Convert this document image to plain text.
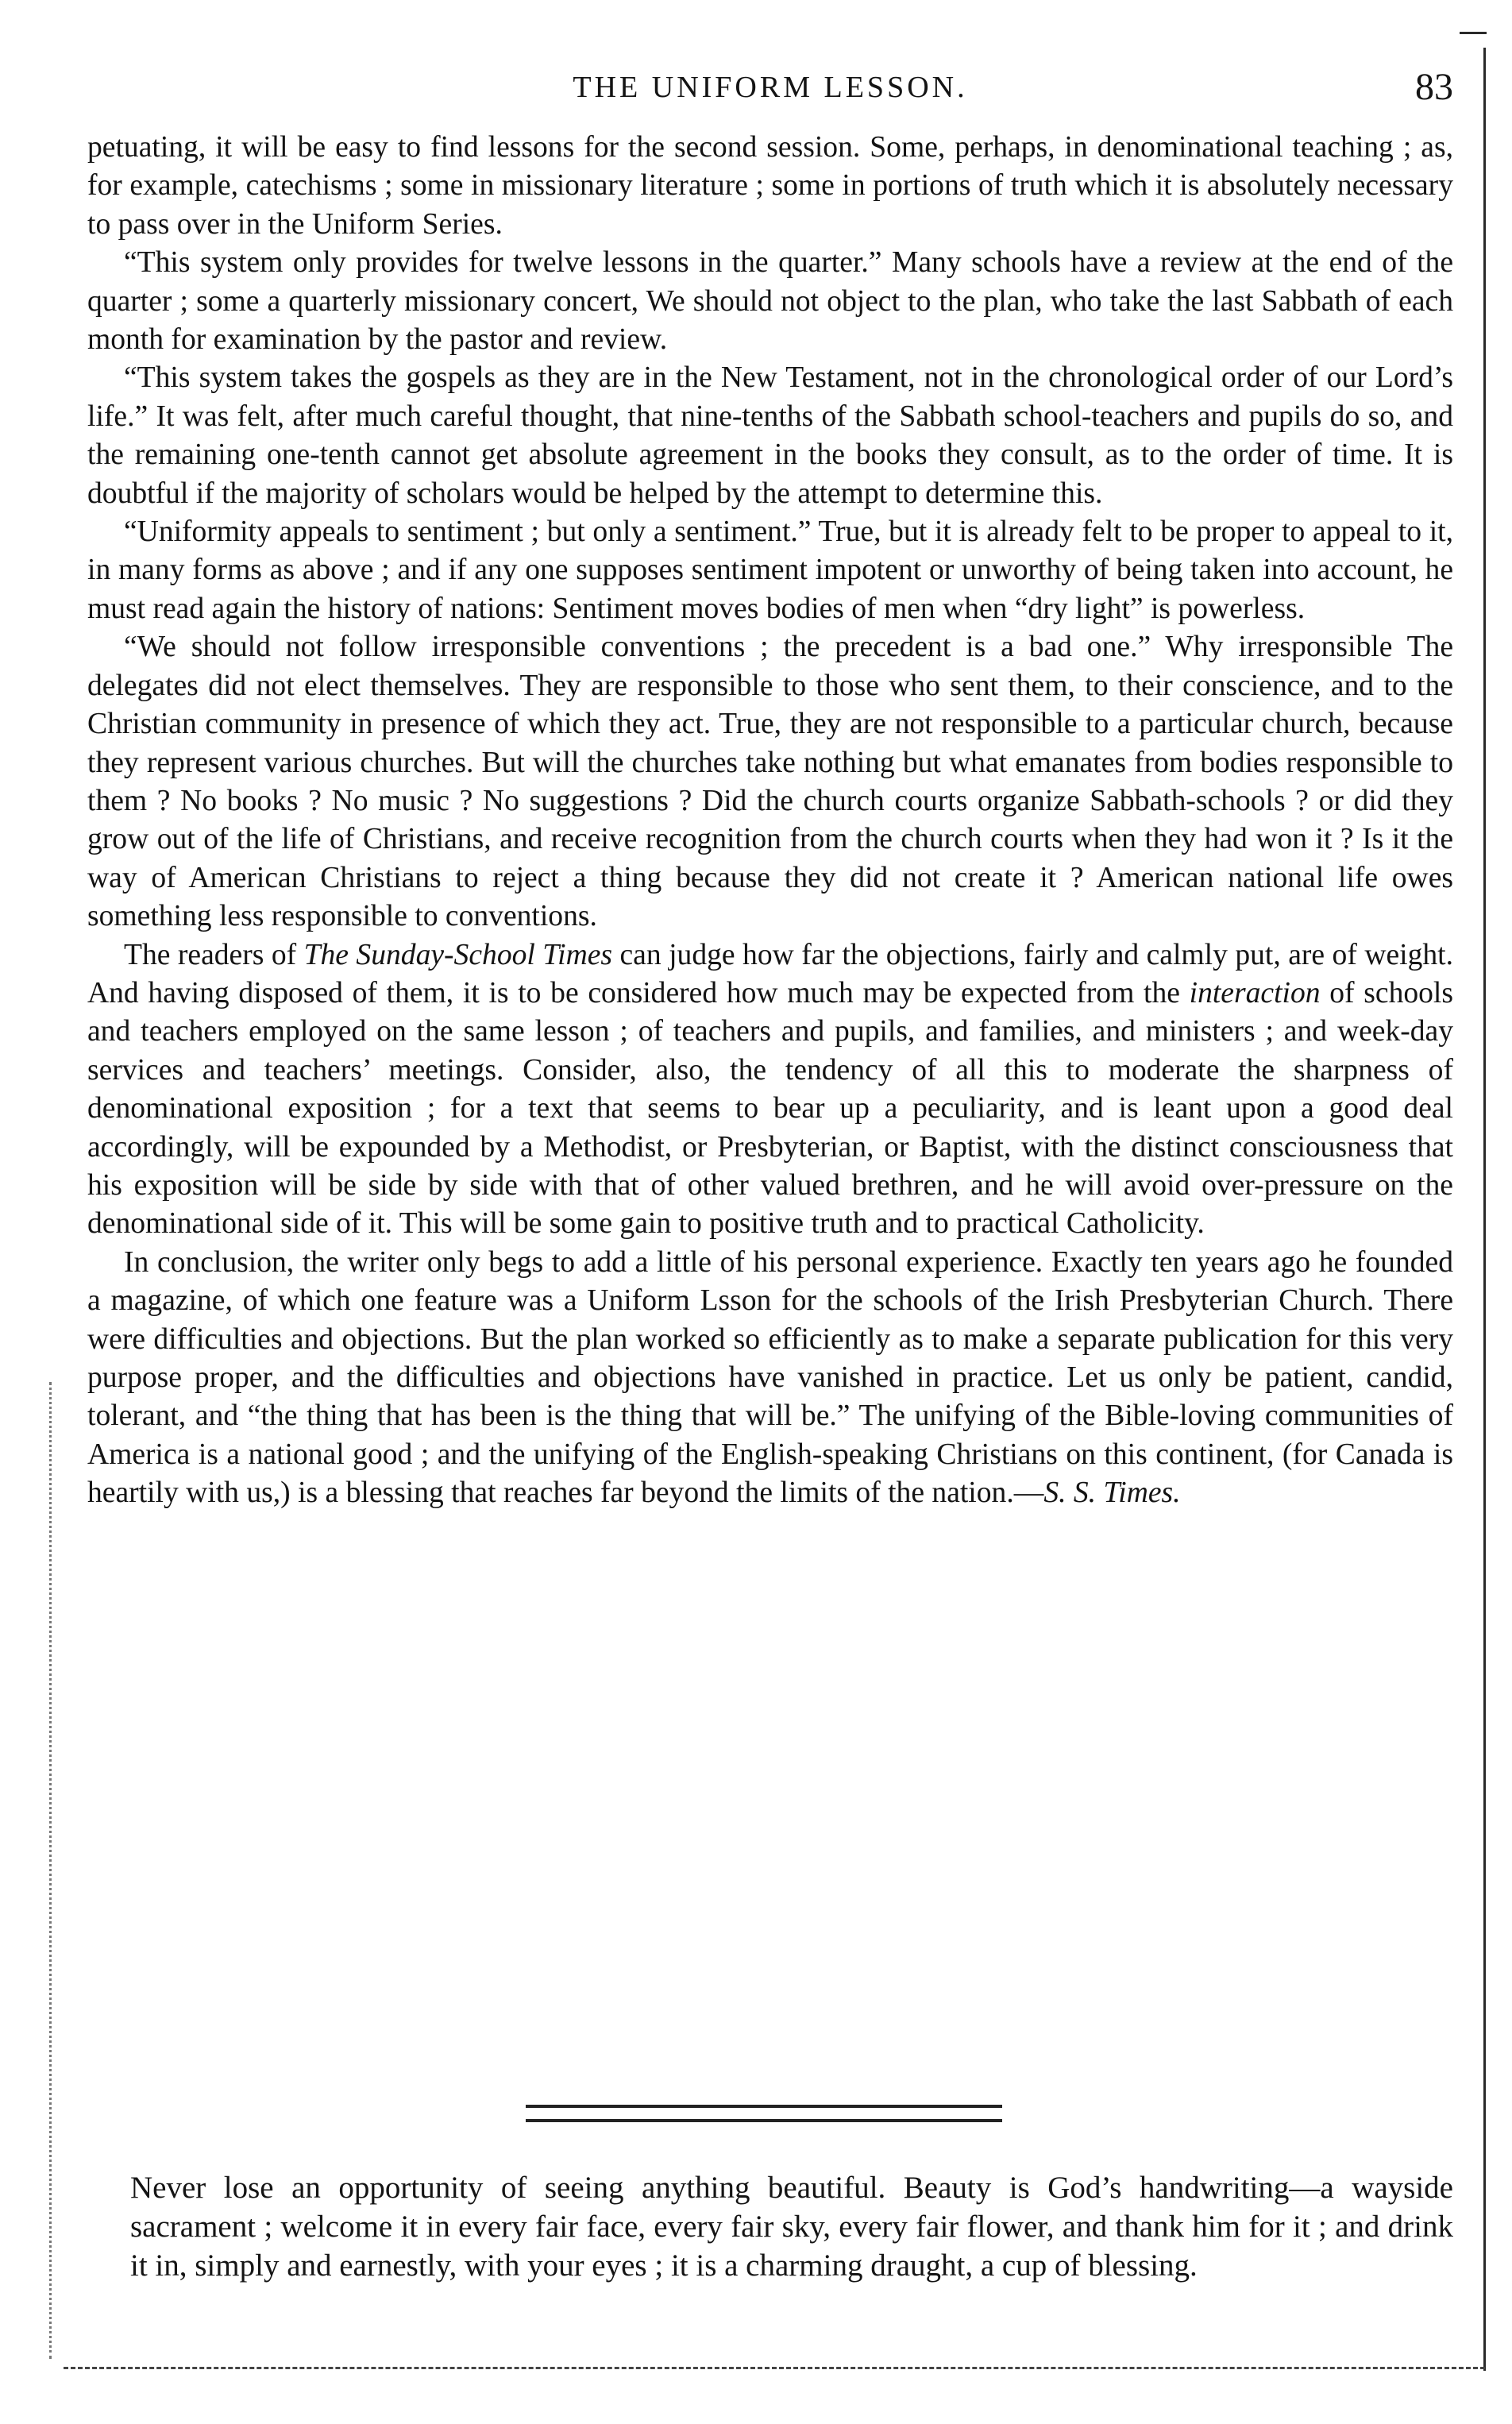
THE UNIFORM LESSON.	83

petuating, it will be easy to find lessons for the second session. Some, perhaps, in denominational teaching ; as, for example, catechisms ; some in missionary literature ; some in portions of truth which it is absolutely necessary to pass over in the Uniform Series.

“This system only provides for twelve lessons in the quarter.” Many schools have a review at the end of the quarter ; some a quarterly missionary concert, We should not object to the plan, who take the last Sabbath of each month for examination by the pastor and review.

“This system takes the gospels as they are in the New Testament, not in the chronological order of our Lord’s life.” It was felt, after much careful thought, that nine-tenths of the Sabbath school-teachers and pupils do so, and the remaining one-tenth cannot get absolute agreement in the books they consult, as to the order of time. It is doubtful if the majority of scholars would be helped by the attempt to determine this.

“Uniformity appeals to sentiment ; but only a sentiment.” True, but it is already felt to be proper to appeal to it, in many forms as above ; and if any one supposes sentiment impotent or unworthy of being taken into account, he must read again the history of nations: Sentiment moves bodies of men when “dry light” is powerless.

“We should not follow irresponsible conventions ; the precedent is a bad one.” Why irresponsible The delegates did not elect themselves. They are responsible to those who sent them, to their conscience, and to the Christian community in presence of which they act. True, they are not responsible to a particular church, because they represent various churches. But will the churches take nothing but what emanates from bodies responsible to them ? No books ? No music ? No suggestions ? Did the church courts organize Sabbath-schools ? or did they grow out of the life of Christians, and receive recognition from the church courts when they had won it ? Is it the way of American Christians to reject a thing because they did not create it ? American national life owes something less responsible to conventions.

The readers of The Sunday-School Times can judge how far the objections, fairly and calmly put, are of weight. And having disposed of them, it is to be considered how much may be expected from the interaction of schools and teachers employed on the same lesson ; of teachers and pupils, and families, and ministers ; and week-day services and teachers’ meetings. Consider, also, the tendency of all this to moderate the sharpness of denominational exposition ; for a text that seems to bear up a peculiarity, and is leant upon a good deal accordingly, will be expounded by a Methodist, or Presbyterian, or Baptist, with the distinct consciousness that his exposition will be side by side with that of other valued brethren, and he will avoid over-pressure on the denominational side of it. This will be some gain to positive truth and to practical Catholicity.

In conclusion, the writer only begs to add a little of his personal experience. Exactly ten years ago he founded a magazine, of which one feature was a Uniform Lsson for the schools of the Irish Presbyterian Church. There were difficulties and objections. But the plan worked so efficiently as to make a separate publication for this very purpose proper, and the difficulties and objections have vanished in practice. Let us only be patient, candid, tolerant, and “the thing that has been is the thing that will be.” The unifying of the Bible-loving communities of America is a national good ; and the unifying of the English-speaking Christians on this continent, (for Canada is heartily with us,) is a blessing that reaches far beyond the limits of the nation.—S. S. Times.

Never lose an opportunity of seeing anything beautiful. Beauty is God’s handwriting—a wayside sacrament ; welcome it in every fair face, every fair sky, every fair flower, and thank him for it ; and drink it in, simply and earnestly, with your eyes ; it is a charming draught, a cup of blessing.
